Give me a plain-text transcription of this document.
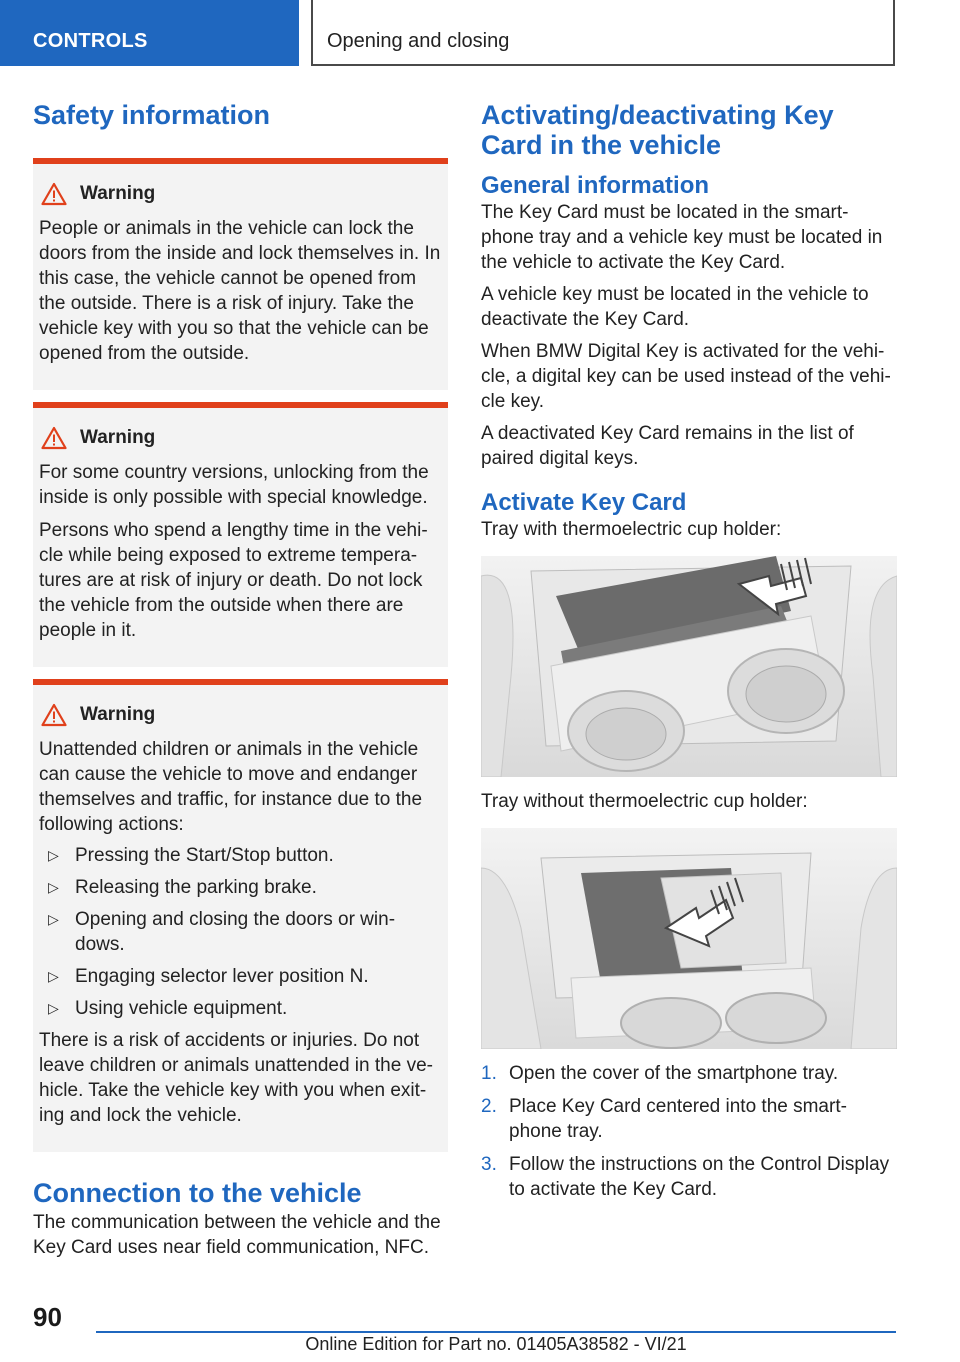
CONTROLS	Opening and closing
Safety information
Warning

People or animals in the vehicle can lock the doors from the inside and lock themselves in. In this case, the vehicle cannot be opened from the outside. There is a risk of injury. Take the vehicle key with you so that the vehicle can be opened from the outside.

Warning

For some country versions, unlocking from the inside is only possible with special knowledge.

Persons who spend a lengthy time in the vehi-cle while being exposed to extreme tempera-tures are at risk of injury or death. Do not lock the vehicle from the outside when there are people in it.

Warning

Unattended children or animals in the vehicle can cause the vehicle to move and endanger themselves and traffic, for instance due to the following actions:

▷ Pressing the Start/Stop button.
▷ Releasing the parking brake.
▷ Opening and closing the doors or win-dows.
▷ Engaging selector lever position N.
▷ Using vehicle equipment.

There is a risk of accidents or injuries. Do not leave children or animals unattended in the ve-hicle. Take the vehicle key with you when exit-ing and lock the vehicle.

Connection to the vehicle

The communication between the vehicle and the Key Card uses near field communication, NFC.

Activating/deactivating Key Card in the vehicle
General information

The Key Card must be located in the smart-phone tray and a vehicle key must be located in the vehicle to activate the Key Card.

A vehicle key must be located in the vehicle to deactivate the Key Card.

When BMW Digital Key is activated for the vehi-cle, a digital key can be used instead of the vehi-cle key.

A deactivated Key Card remains in the list of paired digital keys.

Activate Key Card

Tray with thermoelectric cup holder:

Tray without thermoelectric cup holder:

1. Open the cover of the smartphone tray.
2. Place Key Card centered into the smart-phone tray.
3. Follow the instructions on the Control Display to activate the Key Card.
90
Online Edition for Part no. 01405A38582 - VI/21
